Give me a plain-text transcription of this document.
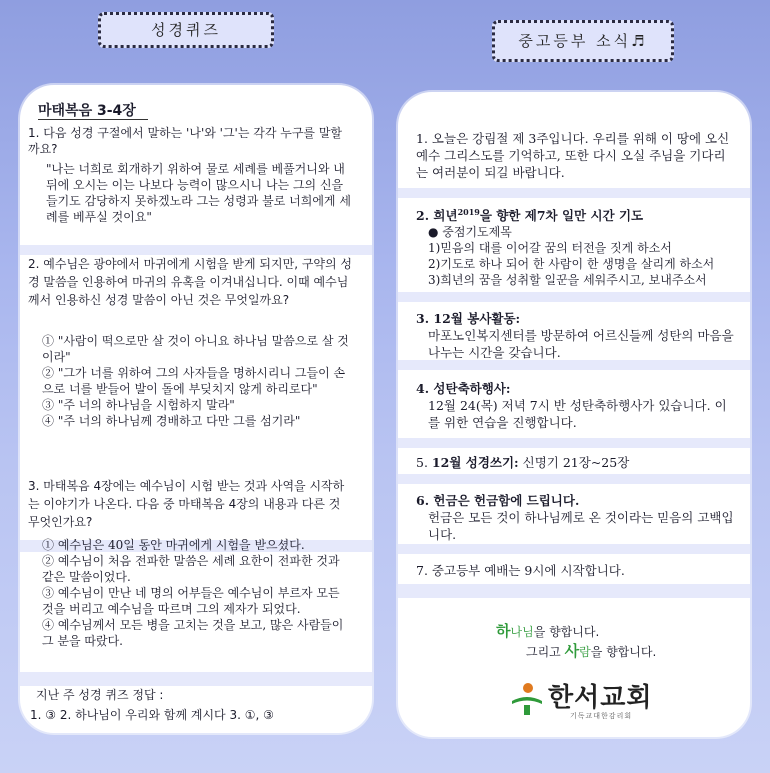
성경퀴즈
중고등부 소식♬
마태복음 3-4장
1. 다음 성경 구절에서 말하는 '나'와 '그'는 각각 누구를 말할까요?
"나는 너희로 회개하기 위하여 물로 세례를 베풀거니와 내 뒤에 오시는 이는 나보다 능력이 많으시니 나는 그의 신을 들기도 감당하지 못하겠노라 그는 성령과 불로 너희에게 세례를 베푸실 것이요"
2. 예수님은 광야에서 마귀에게 시험을 받게 되지만, 구약의 성경 말씀을 인용하여 마귀의 유혹을 이겨내십니다. 이때 예수님께서 인용하신 성경 말씀이 아닌 것은 무엇일까요?
① "사람이 떡으로만 살 것이 아니요 하나님 말씀으로 살 것이라"
② "그가 너를 위하여 그의 사자들을 명하시리니 그들이 손으로 너를 받들어 발이 돌에 부딪치지 않게 하리로다"
③ "주 너의 하나님을 시험하지 말라"
④ "주 너의 하나님께 경배하고 다만 그를 섬기라"
3. 마태복음 4장에는 예수님이 시험 받는 것과 사역을 시작하는 이야기가 나온다. 다음 중 마태복음 4장의 내용과 다른 것 무엇인가요?
① 예수님은 40일 동안 마귀에게 시험을 받으셨다.
② 예수님이 처음 전파한 말씀은 세례 요한이 전파한 것과 같은 말씀이었다.
③ 예수님이 만난 네 명의 어부들은 예수님이 부르자 모든 것을 버리고 예수님을 따르며 그의 제자가 되었다.
④ 예수님께서 모든 병을 고치는 것을 보고, 많은 사람들이 그 분을 따랐다.
지난 주 성경 퀴즈 정답 :
1. ③ 2. 하나님이 우리와 함께 계시다 3. ①, ③
1. 오늘은 강림절 제 3주입니다. 우리를 위해 이 땅에 오신 예수 그리스도를 기억하고, 또한 다시 오실 주님을 기다리는 여러분이 되길 바랍니다.
2. 희년$^{2019}$을 향한 제7차 일만 시간 기도
● 중점기도제목
1)믿음의 대를 이어갈 꿈의 터전을 짓게 하소서
2)기도로 하나 되어 한 사람이 한 생명을 살리게 하소서
3)희년의 꿈을 성취할 일꾼을 세워주시고, 보내주소서
3. 12월 봉사활동:
마포노인복지센터를 방문하여 어르신들께 성탄의 마음을 나누는 시간을 갖습니다.
4. 성탄축하행사:
12월 24(목) 저녁 7시 반 성탄축하행사가 있습니다. 이를 위한 연습을 진행합니다.
5. 12월 성경쓰기: 신명기 21장~25장
6. 헌금은 헌금함에 드립니다.
헌금은 모든 것이 하나님께로 온 것이라는 믿음의 고백입니다.
7. 중고등부 예배는 9시에 시작합니다.
하나님을 향합니다.
그리고 사람을 향합니다.
한서교회
기독교대한감리회
